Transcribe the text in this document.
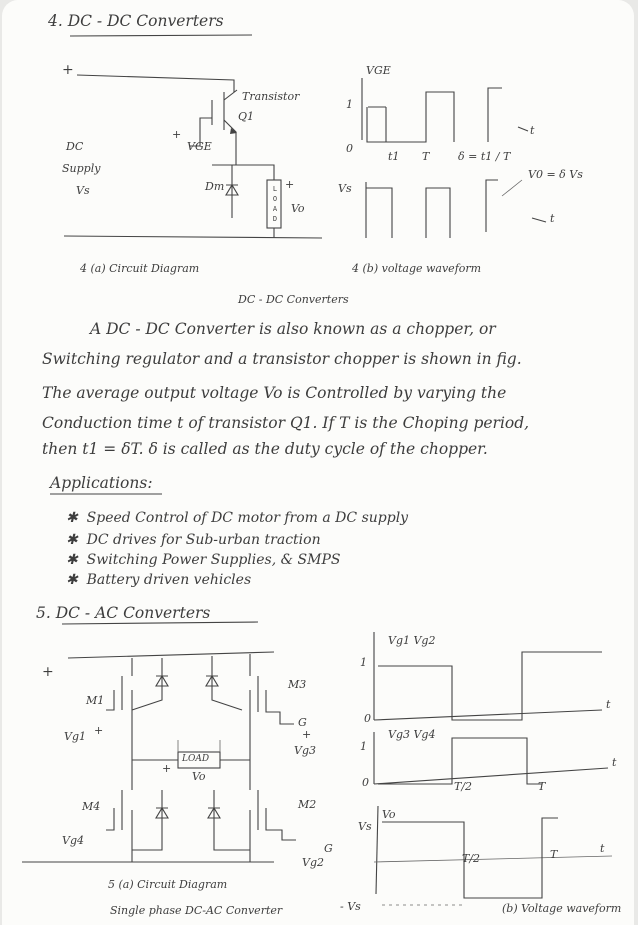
4. DC - DC Converters
+
Transistor
Q1
+
VGE
DC
Supply
Vs	Dm	+
Vo
L
O
A
D
VGE
1
0
t
t1 T	δ = t1 / T
Vs
V0 = δ Vs
t
4 (a) Circuit Diagram	4 (b) voltage waveform
DC - DC Converters
A DC - DC Converter is also known as a chopper, or
Switching regulator and a transistor chopper is shown in fig.
The average output voltage Vo is Controlled by varying the
Conduction time t of transistor Q1. If T is the Choping period,
then t1 = δT. δ is called as the duty cycle of the chopper.
Applications:
✱ Speed Control of DC motor from a DC supply
✱ DC drives for Sub-urban traction
✱ Switching Power Supplies, & SMPS
✱ Battery driven vehicles
5. DC - AC Converters
+
M1
Vg1 +
M3
G
+
Vg3
LOAD
Vo
+
M4
Vg4
M2
G
Vg2
Vg1 Vg2
1
0
t
Vg3 Vg4
1
0
t
T/2	T
Vo
Vs
T/2	T	t
- Vs
5 (a) Circuit Diagram
Single phase DC-AC Converter	(b) Voltage waveform
